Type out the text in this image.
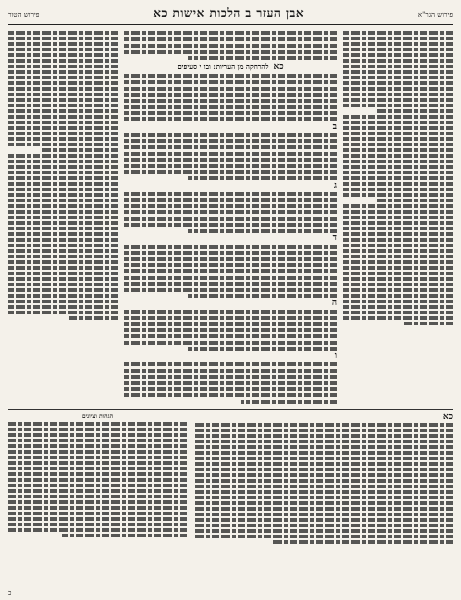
פירוש הגר"א
אבן העזר ב הלכות אישות כא
פירוש הטור
כא להרחקה מן העריות: ובו י סעיפים
ב
ג
ד
ה
ו
כא
הגהות וציונים
כ
